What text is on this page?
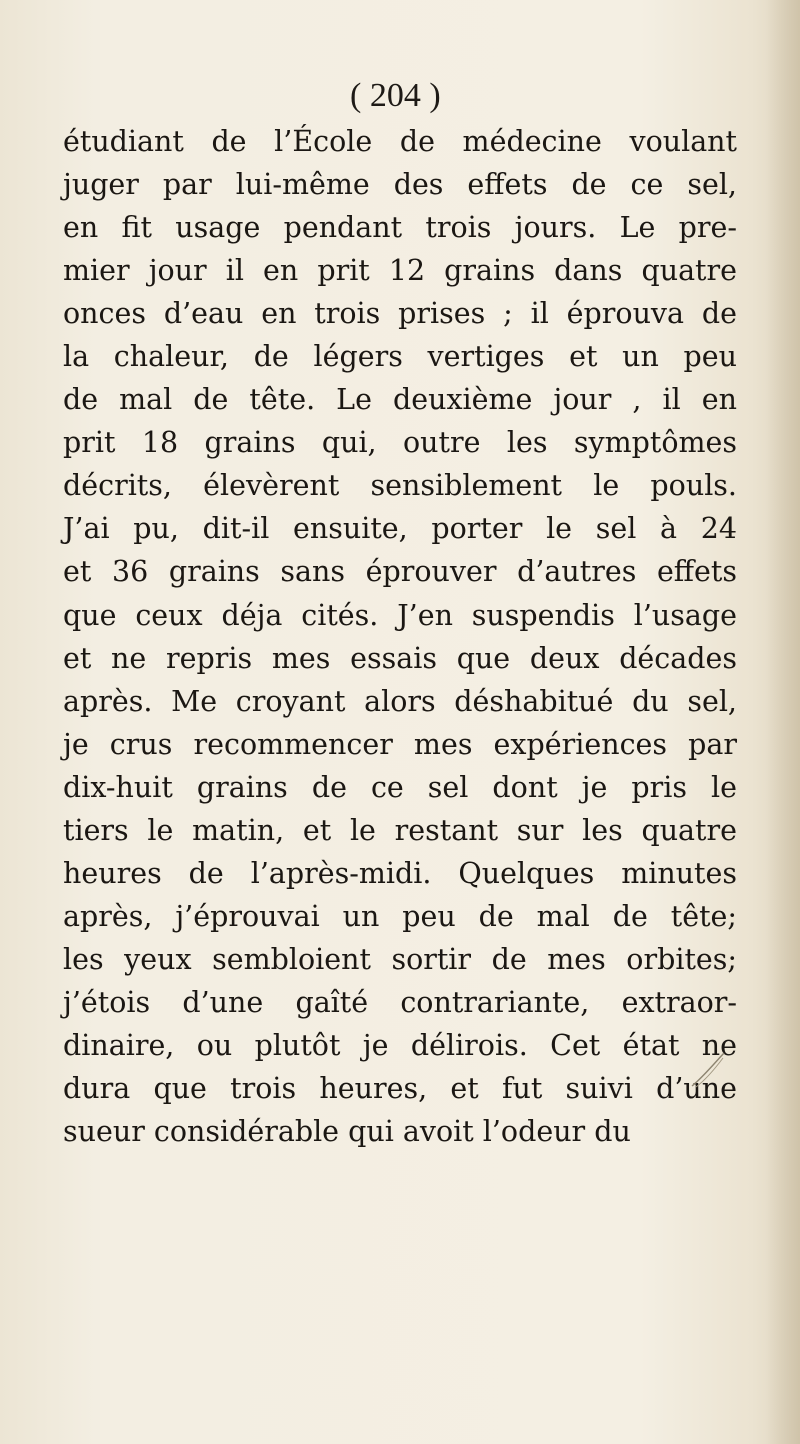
( 204 )
étudiant de l’École de médecine voulant
juger par lui-même des effets de ce sel,
en fit usage pendant trois jours. Le pre-
mier jour il en prit 12 grains dans quatre
onces d’eau en trois prises ; il éprouva de
la chaleur, de légers vertiges et un peu
de mal de tête. Le deuxième jour , il en
prit 18 grains qui, outre les symptômes
décrits, élevèrent sensiblement le pouls.
J’ai pu, dit-il ensuite, porter le sel à 24
et 36 grains sans éprouver d’autres effets
que ceux déja cités. J’en suspendis l’usage
et ne repris mes essais que deux décades
après. Me croyant alors déshabitué du sel,
je crus recommencer mes expériences par
dix-huit grains de ce sel dont je pris le
tiers le matin, et le restant sur les quatre
heures de l’après-midi. Quelques minutes
après, j’éprouvai un peu de mal de tête;
les yeux sembloient sortir de mes orbites;
j’étois d’une gaîté contrariante, extraor-
dinaire, ou plutôt je délirois. Cet état ne
dura que trois heures, et fut suivi d’une
sueur considérable qui avoit l’odeur du
